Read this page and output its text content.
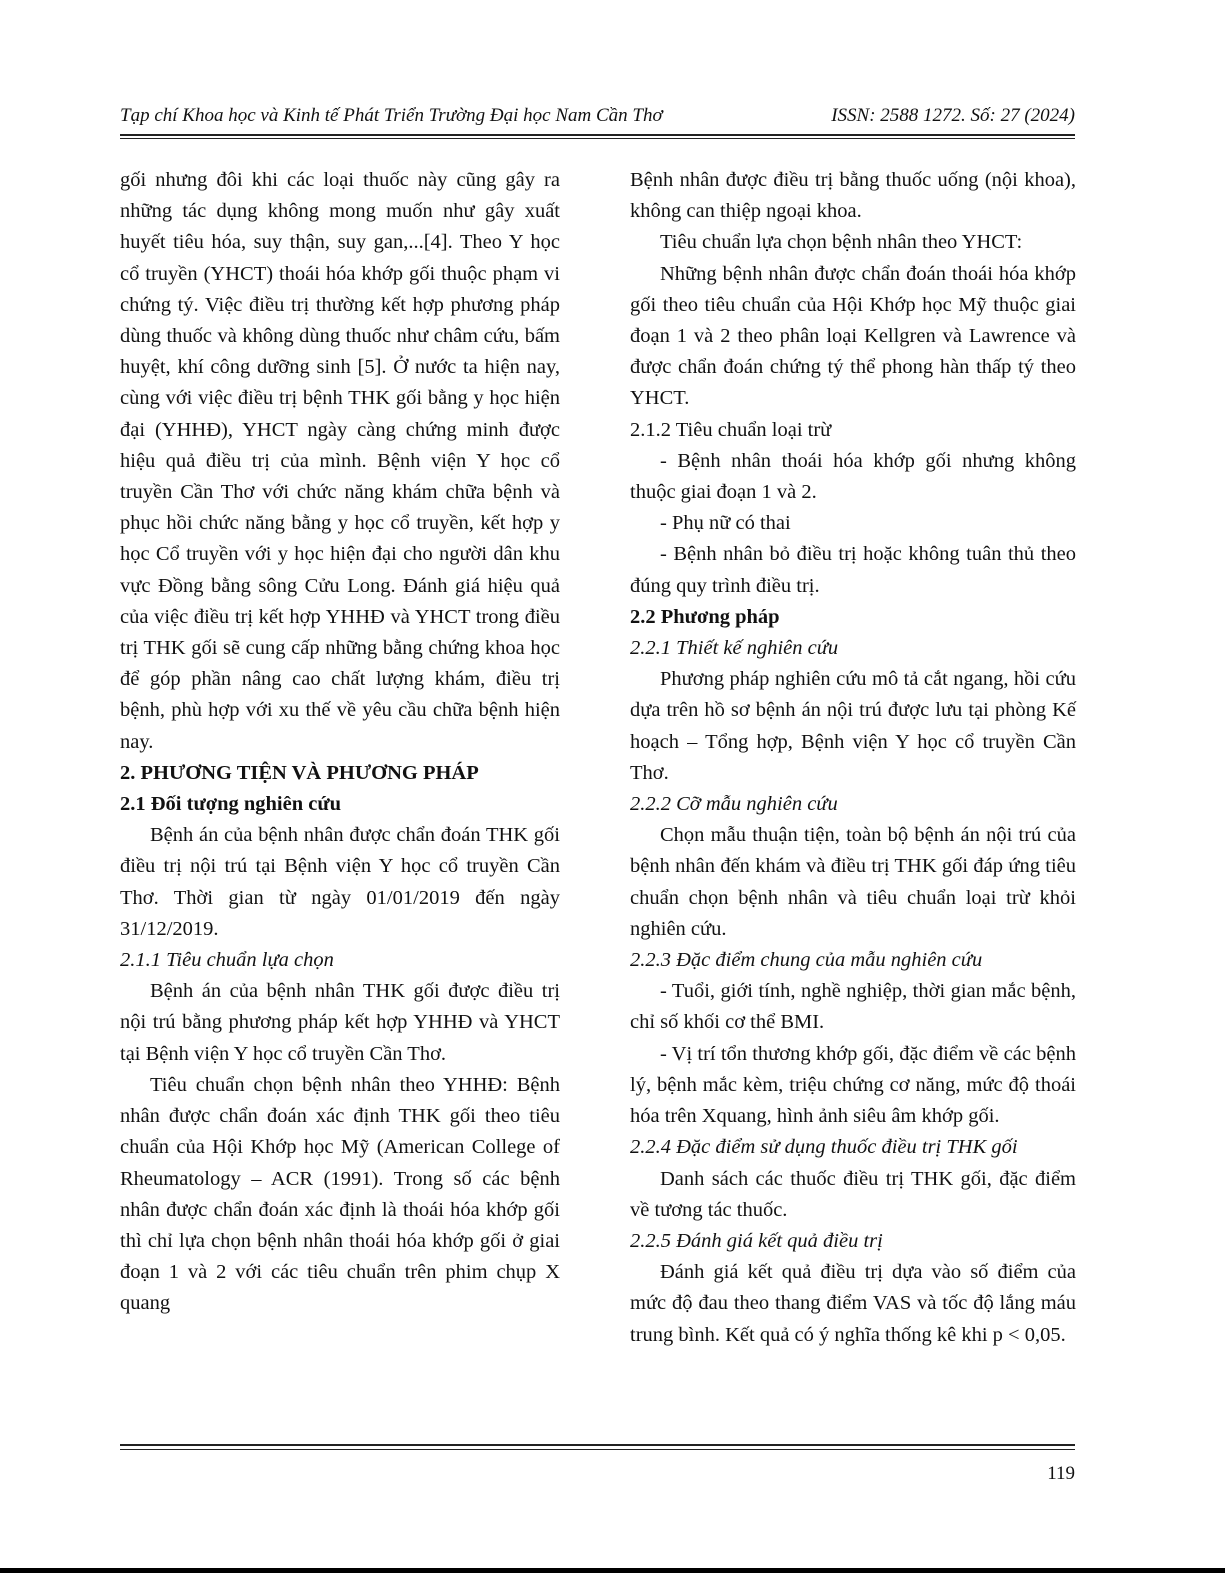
Tạp chí Khoa học và Kinh tế Phát Triển Trường Đại học Nam Cần Thơ	ISSN: 2588 1272. Số: 27 (2024)

gối nhưng đôi khi các loại thuốc này cũng gây ra những tác dụng không mong muốn như gây xuất huyết tiêu hóa, suy thận, suy gan,...[4]. Theo Y học cổ truyền (YHCT) thoái hóa khớp gối thuộc phạm vi chứng tý. Việc điều trị thường kết hợp phương pháp dùng thuốc và không dùng thuốc như châm cứu, bấm huyệt, khí công dưỡng sinh [5]. Ở nước ta hiện nay, cùng với việc điều trị bệnh THK gối bằng y học hiện đại (YHHĐ), YHCT ngày càng chứng minh được hiệu quả điều trị của mình. Bệnh viện Y học cổ truyền Cần Thơ với chức năng khám chữa bệnh và phục hồi chức năng bằng y học cổ truyền, kết hợp y học Cổ truyền với y học hiện đại cho người dân khu vực Đồng bằng sông Cửu Long. Đánh giá hiệu quả của việc điều trị kết hợp YHHĐ và YHCT trong điều trị THK gối sẽ cung cấp những bằng chứng khoa học để góp phần nâng cao chất lượng khám, điều trị bệnh, phù hợp với xu thế về yêu cầu chữa bệnh hiện nay.

2. PHƯƠNG TIỆN VÀ PHƯƠNG PHÁP

2.1 Đối tượng nghiên cứu

Bệnh án của bệnh nhân được chẩn đoán THK gối điều trị nội trú tại Bệnh viện Y học cổ truyền Cần Thơ. Thời gian từ ngày 01/01/2019 đến ngày 31/12/2019.

2.1.1 Tiêu chuẩn lựa chọn

Bệnh án của bệnh nhân THK gối được điều trị nội trú bằng phương pháp kết hợp YHHĐ và YHCT tại Bệnh viện Y học cổ truyền Cần Thơ.

Tiêu chuẩn chọn bệnh nhân theo YHHĐ: Bệnh nhân được chẩn đoán xác định THK gối theo tiêu chuẩn của Hội Khớp học Mỹ (American College of Rheumatology – ACR (1991). Trong số các bệnh nhân được chẩn đoán xác định là thoái hóa khớp gối thì chỉ lựa chọn bệnh nhân thoái hóa khớp gối ở giai đoạn 1 và 2 với các tiêu chuẩn trên phim chụp X quang

Bệnh nhân được điều trị bằng thuốc uống (nội khoa), không can thiệp ngoại khoa.

Tiêu chuẩn lựa chọn bệnh nhân theo YHCT:

Những bệnh nhân được chẩn đoán thoái hóa khớp gối theo tiêu chuẩn của Hội Khớp học Mỹ thuộc giai đoạn 1 và 2 theo phân loại Kellgren và Lawrence và được chẩn đoán chứng tý thể phong hàn thấp tý theo YHCT.

2.1.2 Tiêu chuẩn loại trừ

- Bệnh nhân thoái hóa khớp gối nhưng không thuộc giai đoạn 1 và 2.

- Phụ nữ có thai

- Bệnh nhân bỏ điều trị hoặc không tuân thủ theo đúng quy trình điều trị.

2.2 Phương pháp

2.2.1 Thiết kế nghiên cứu

Phương pháp nghiên cứu mô tả cắt ngang, hồi cứu dựa trên hồ sơ bệnh án nội trú được lưu tại phòng Kế hoạch – Tổng hợp, Bệnh viện Y học cổ truyền Cần Thơ.

2.2.2 Cỡ mẫu nghiên cứu

Chọn mẫu thuận tiện, toàn bộ bệnh án nội trú của bệnh nhân đến khám và điều trị THK gối đáp ứng tiêu chuẩn chọn bệnh nhân và tiêu chuẩn loại trừ khỏi nghiên cứu.

2.2.3 Đặc điểm chung của mẫu nghiên cứu

- Tuổi, giới tính, nghề nghiệp, thời gian mắc bệnh, chỉ số khối cơ thể BMI.

- Vị trí tổn thương khớp gối, đặc điểm về các bệnh lý, bệnh mắc kèm, triệu chứng cơ năng, mức độ thoái hóa trên Xquang, hình ảnh siêu âm khớp gối.

2.2.4 Đặc điểm sử dụng thuốc điều trị THK gối

Danh sách các thuốc điều trị THK gối, đặc điểm về tương tác thuốc.

2.2.5 Đánh giá kết quả điều trị

Đánh giá kết quả điều trị dựa vào số điểm của mức độ đau theo thang điểm VAS và tốc độ lắng máu trung bình. Kết quả có ý nghĩa thống kê khi p < 0,05.

119
